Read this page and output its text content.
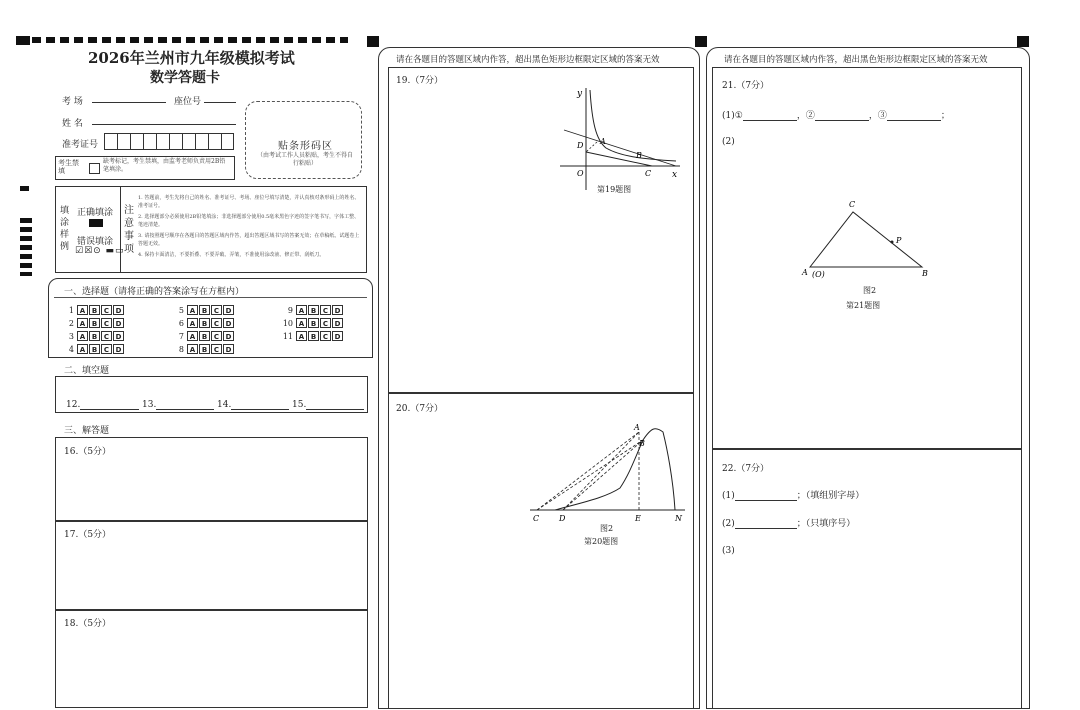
2026年兰州市九年级模拟考试
数学答题卡
考 场	座位号
姓 名
准考证号
考生禁填
缺考标记，考生禁填，由监考老师负责用2B铅笔填涂。
贴条形码区
（由考试工作人员粘贴，考生不得自行粘贴）
填涂样例
正确填涂
错误填涂
☑☒⊙ ▬▭
注意事项
1. 答题前，考生先将自己的姓名、准考证号、考场、座位号填写清楚，并认真核对条形码上的姓名、准考证号。
2. 选择题部分必须使用2B铅笔填涂；非选择题部分使用0.5毫米黑色字迹的签字笔书写，字体工整、笔迹清楚。
3. 请按照题号顺序在各题目的答题区域内作答，超出答题区域书写的答案无效；在草稿纸、试题卷上答题无效。
4. 保持卡面清洁，不要折叠、不要弄破、弄皱，不准使用涂改液、修正带、刮纸刀。
一、选择题（请将正确的答案涂写在方框内）
1 A B C D
2 A B C D
3 A B C D
4 A B C D
5 A B C D
6 A B C D
7 A B C D
8 A B C D
9 A B C D
10 A B C D
11 A B C D
二、填空题
12.	13.	14.	15.
三、解答题
16.（5分）
17.（5分）
18.（5分）
请在各题目的答题区域内作答，超出黑色矩形边框限定区域的答案无效
19.（7分）
y
x
A
B
C
D
O
第19题图
20.（7分）
A
B
C D	E	N
图2
第20题图
请在各题目的答题区域内作答，超出黑色矩形边框限定区域的答案无效
21.（7分）
(1)①	，②	，③	；
(2)
C
P
A (O)	B
图2
第21题图
22.（7分）
(1)	；（填组别字母）
(2)	；（只填序号）
(3)
